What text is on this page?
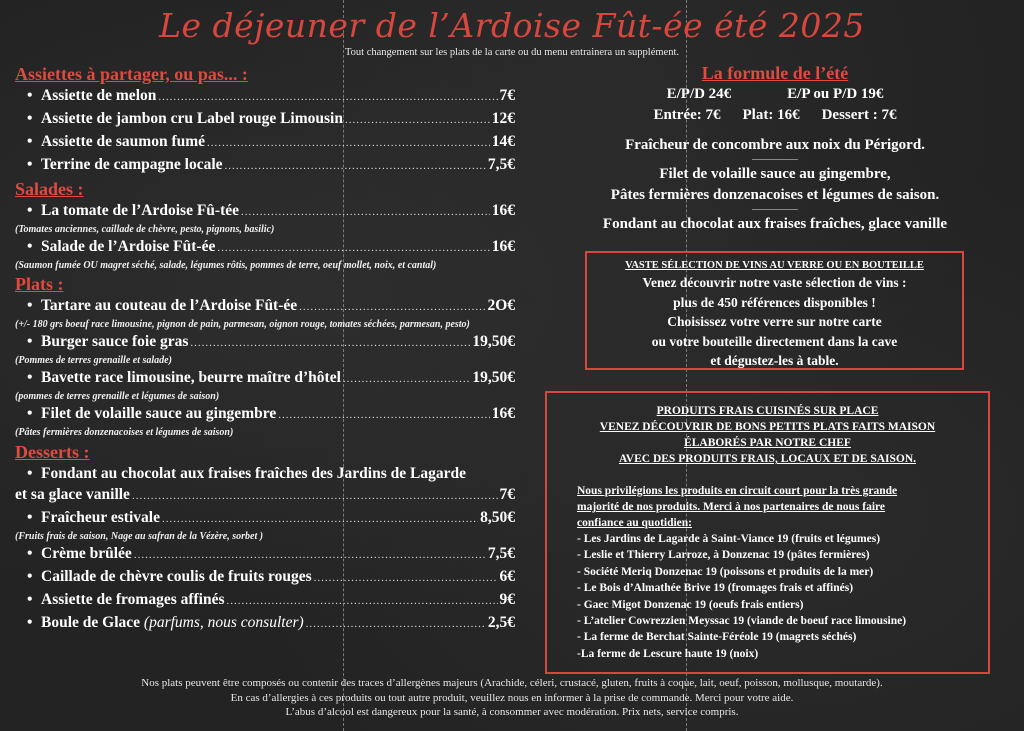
Le déjeuner de l’Ardoise Fût-ée été 2025
Tout changement sur les plats de la carte ou du menu entrainera un supplément.
Assiettes à partager, ou pas... :
• Assiette de melon .....	7€
• Assiette de jambon cru Label rouge Limousin .....	12€
• Assiette de saumon fumé .....	14€
• Terrine de campagne locale .....	7,5€
Salades :
• La tomate de l’Ardoise Fû-tée .....	16€
(Tomates anciennes, caillade de chèvre, pesto, pignons, basilic)
• Salade de l’Ardoise Fût-ée .....	16€
(Saumon fumée OU magret séché, salade, légumes rôtis, pommes de terre, oeuf mollet, noix, et cantal)
Plats :
• Tartare au couteau de l’Ardoise Fût-ée .....	2O€
(+/- 180 grs boeuf race limousine, pignon de pain, parmesan, oignon rouge, tomates séchées, parmesan, pesto)
• Burger sauce foie gras .....	19,50€
(Pommes de terres grenaille et salade)
• Bavette race limousine, beurre maître d’hôtel .....	19,50€
(pommes de terres grenaille et légumes de saison)
• Filet de volaille sauce au gingembre .....	16€
(Pâtes fermières donzenacoises et légumes de saison)
Desserts :
• Fondant au chocolat aux fraises fraîches des Jardins de Lagarde
et sa glace vanille .....	7€
• Fraîcheur estivale .....	8,50€
(Fruits frais de saison, Nage au safran de la Vézère, sorbet )
• Crème brûlée .....	7,5€
• Caillade de chèvre coulis de fruits rouges .....	6€
• Assiette de fromages affinés .....	9€
• Boule de Glace
(parfums, nous consulter) .....	2,5€
La formule de l’été
E/P/D 24€	E/P ou P/D 19€
Entrée: 7€ Plat: 16€ Dessert : 7€
Fraîcheur de concombre aux noix du Périgord.
Filet de volaille sauce au gingembre,
Pâtes fermières donzenacoises et légumes de saison.
Fondant au chocolat aux fraises fraîches, glace vanille
VASTE SÉLECTION DE VINS AU VERRE OU EN BOUTEILLE
Venez découvrir notre vaste sélection de vins :
plus de 450 références disponibles !
Choisissez votre verre sur notre carte
ou votre bouteille directement dans la cave
et dégustez-les à table.
PRODUITS FRAIS CUISINÉS SUR PLACE
VENEZ DÉCOUVRIR DE BONS PETITS PLATS FAITS MAISON
ÉLABORÉS PAR NOTRE CHEF
AVEC DES PRODUITS FRAIS, LOCAUX ET DE SAISON.
Nous privilégions les produits en circuit court pour la très grande
majorité de nos produits. Merci à nos partenaires de nous faire
confiance au quotidien:
- Les Jardins de Lagarde à Saint-Viance 19 (fruits et légumes)
- Leslie et Thierry Larroze, à Donzenac 19 (pâtes fermières)
- Société Meriq Donzenac 19 (poissons et produits de la mer)
- Le Bois d’Almathée Brive 19 (fromages frais et affinés)
- Gaec Migot Donzenac 19 (oeufs frais entiers)
- L’atelier Cowrezzien Meyssac 19 (viande de boeuf race limousine)
- La ferme de Berchat Sainte-Féréole 19 (magrets séchés)
-La ferme de Lescure haute 19 (noix)
Nos plats peuvent être composés ou contenir des traces d’allergènes majeurs (Arachide, céleri, crustacé, gluten, fruits à coque, lait, oeuf, poisson, mollusque, moutarde).
En cas d’allergies à ces produits ou tout autre produit, veuillez nous en informer à la prise de commande. Merci pour votre aide.
L’abus d’alcool est dangereux pour la santé, à consommer avec modération. Prix nets, service compris.
